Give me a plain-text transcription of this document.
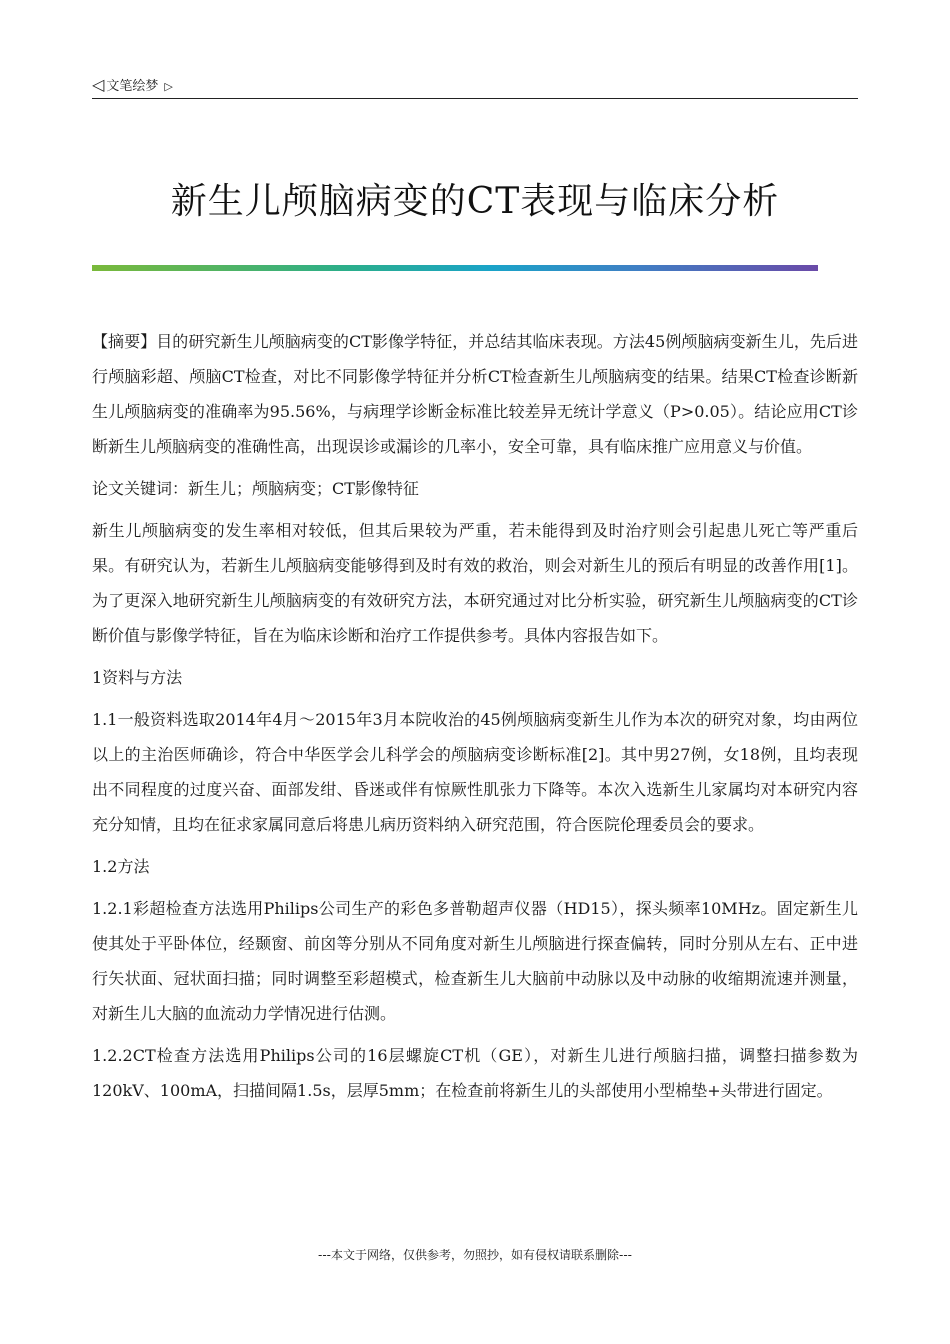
◁ 文笔绘梦 ▷
新生儿颅脑病变的CT表现与临床分析

【摘要】目的研究新生儿颅脑病变的CT影像学特征，并总结其临床表现。方法45例颅脑病变新生儿，先后进行颅脑彩超、颅脑CT检查，对比不同影像学特征并分析CT检查新生儿颅脑病变的结果。结果CT检查诊断新生儿颅脑病变的准确率为95.56%，与病理学诊断金标准比较差异无统计学意义（P>0.05）。结论应用CT诊断新生儿颅脑病变的准确性高，出现误诊或漏诊的几率小，安全可靠，具有临床推广应用意义与价值。

论文关键词：新生儿；颅脑病变；CT影像特征

新生儿颅脑病变的发生率相对较低，但其后果较为严重，若未能得到及时治疗则会引起患儿死亡等严重后果。有研究认为，若新生儿颅脑病变能够得到及时有效的救治，则会对新生儿的预后有明显的改善作用[1]。为了更深入地研究新生儿颅脑病变的有效研究方法，本研究通过对比分析实验，研究新生儿颅脑病变的CT诊断价值与影像学特征，旨在为临床诊断和治疗工作提供参考。具体内容报告如下。

1资料与方法

1.1一般资料选取2014年4月～2015年3月本院收治的45例颅脑病变新生儿作为本次的研究对象，均由两位以上的主治医师确诊，符合中华医学会儿科学会的颅脑病变诊断标准[2]。其中男27例，女18例，且均表现出不同程度的过度兴奋、面部发绀、昏迷或伴有惊厥性肌张力下降等。本次入选新生儿家属均对本研究内容充分知情，且均在征求家属同意后将患儿病历资料纳入研究范围，符合医院伦理委员会的要求。

1.2方法

1.2.1彩超检查方法选用Philips公司生产的彩色多普勒超声仪器（HD15），探头频率10MHz。固定新生儿使其处于平卧体位，经颞窗、前囟等分别从不同角度对新生儿颅脑进行探查偏转，同时分别从左右、正中进行矢状面、冠状面扫描；同时调整至彩超模式，检查新生儿大脑前中动脉以及中动脉的收缩期流速并测量，对新生儿大脑的血流动力学情况进行估测。

1.2.2CT检查方法选用Philips公司的16层螺旋CT机（GE），对新生儿进行颅脑扫描，调整扫描参数为120kV、100mA，扫描间隔1.5s，层厚5mm；在检查前将新生儿的头部使用小型棉垫+头带进行固定。

---本文于网络，仅供参考，勿照抄，如有侵权请联系删除---
